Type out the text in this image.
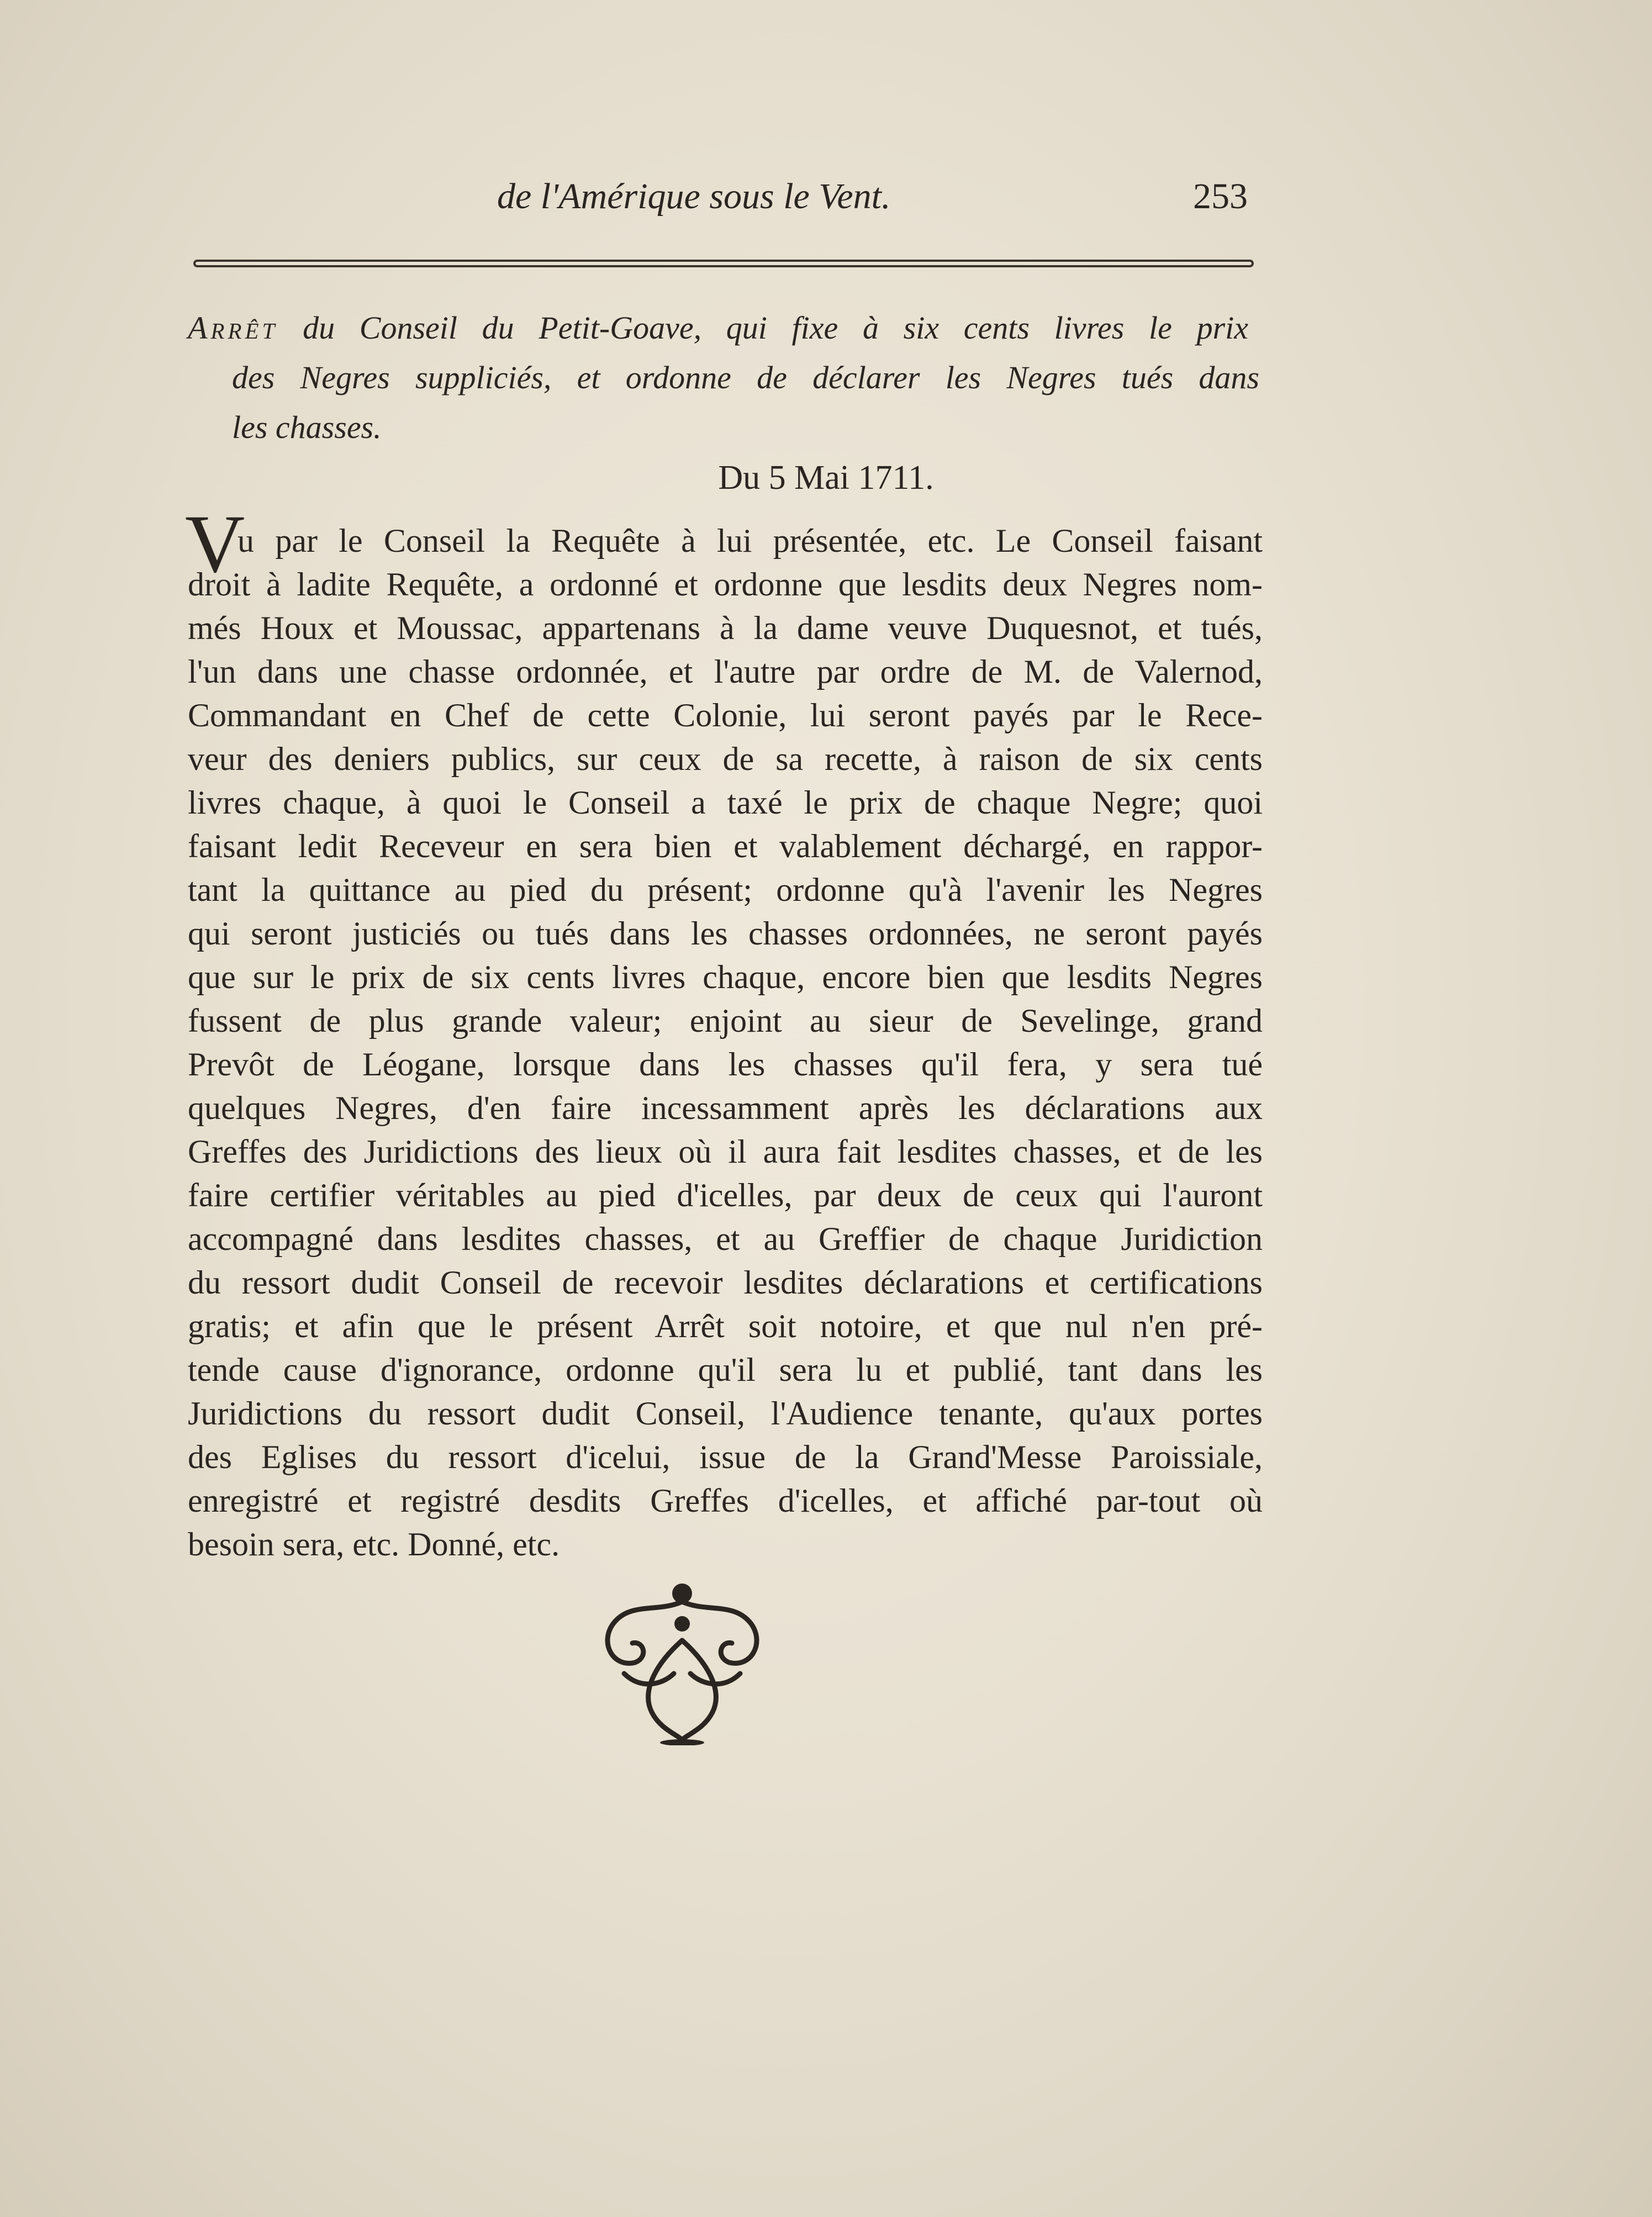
de l'Amérique sous le Vent.	253
Arrêt du Conseil du Petit-Goave, qui fixe à six cents livres le prix
des Negres suppliciés, et ordonne de déclarer les Negres tués dans
les chasses.
Du 5 Mai 1711.
V
u par le Conseil la Requête à lui présentée, etc. Le Conseil faisant
droit à ladite Requête, a ordonné et ordonne que lesdits deux Negres nom-
més Houx et Moussac, appartenans à la dame veuve Duquesnot, et tués,
l'un dans une chasse ordonnée, et l'autre par ordre de M. de Valernod,
Commandant en Chef de cette Colonie, lui seront payés par le Rece-
veur des deniers publics, sur ceux de sa recette, à raison de six cents
livres chaque, à quoi le Conseil a taxé le prix de chaque Negre; quoi
faisant ledit Receveur en sera bien et valablement déchargé, en rappor-
tant la quittance au pied du présent; ordonne qu'à l'avenir les Negres
qui seront justiciés ou tués dans les chasses ordonnées, ne seront payés
que sur le prix de six cents livres chaque, encore bien que lesdits Negres
fussent de plus grande valeur; enjoint au sieur de Sevelinge, grand
Prevôt de Léogane, lorsque dans les chasses qu'il fera, y sera tué
quelques Negres, d'en faire incessamment après les déclarations aux
Greffes des Juridictions des lieux où il aura fait lesdites chasses, et de les
faire certifier véritables au pied d'icelles, par deux de ceux qui l'auront
accompagné dans lesdites chasses, et au Greffier de chaque Juridiction
du ressort dudit Conseil de recevoir lesdites déclarations et certifications
gratis; et afin que le présent Arrêt soit notoire, et que nul n'en pré-
tende cause d'ignorance, ordonne qu'il sera lu et publié, tant dans les
Juridictions du ressort dudit Conseil, l'Audience tenante, qu'aux portes
des Eglises du ressort d'icelui, issue de la Grand'Messe Paroissiale,
enregistré et registré desdits Greffes d'icelles, et affiché par-tout où
besoin sera, etc. Donné, etc.
